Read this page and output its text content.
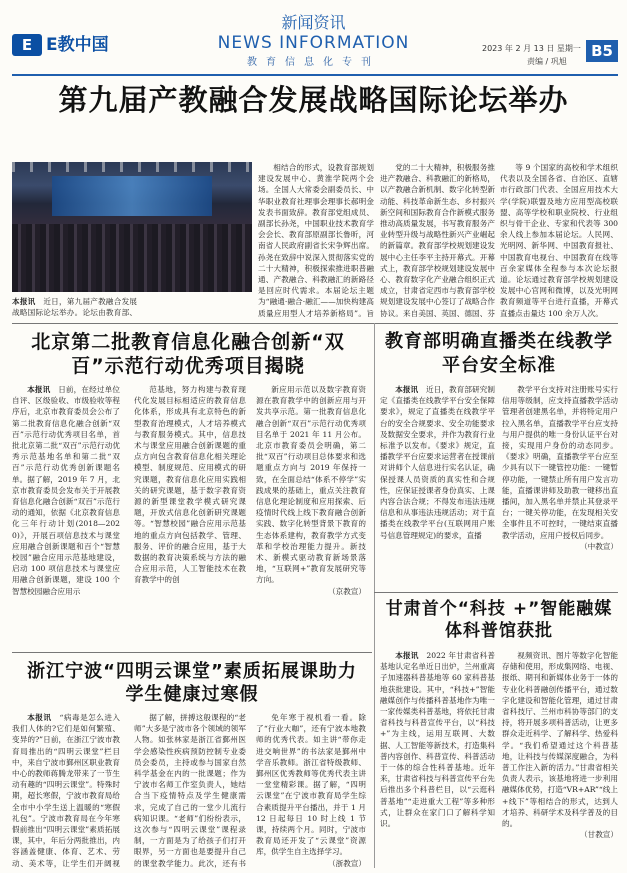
E E教中国
新闻资讯
NEWS INFORMATION
教育信息化专刊
2023 年 2 月 13 日 星期一
责编 / 巩旭
B5
第九届产教融合发展战略国际论坛举办
本报讯　 近日，第九届产教融合发展战略国际论坛举办。论坛由教育部、
相结合的形式，设教育部规划建设发展中心、黄淮学院两个会场。全国人大常委会副委员长、中华职业教育社理事会理事长郝明金发表书面致辞。教育部党组成员、副部长孙尧，中国职业技术教育学会会长、教育部原副部长鲁昕，河南省人民政府副省长宋争辉出席。孙尧在致辞中说深入贯彻落实党的二十大精神，积极探索推进职普融通、产教融合、科教融汇的新路径是回应时代需求。本届论坛主题为“融通·融合·融汇——加快构建高质量应用型人才培养新格局”。旨
党的二十大精神，积极服务推进产教融合、科教融汇的新格局，以产教融合新机制、数字化转型新动能、科技革命新生态、乡村振兴新空间和国际教育合作新模式服务推动高质量发展，书写教育服务产业转型升级与战略性新兴产业崛起的新篇章。教育部学校规划建设发展中心主任李平主持开幕式。开幕式上，教育部学校规划建设发展中心、教育数字化产业融合组织正式成立，甘肃省定西市与教育部学校规划建设发展中心签订了战略合作协议。来自美国、英国、德国、芬
等 9 个国家的高校和学术组织代表以及全国各省、自治区、直辖市行政部门代表、全国应用技术大学(学院)联盟及地方应用型高校联盟、高等学校和职业院校、行业组织与骨干企业、专家和代表等 300 余人线上参加本届论坛。人民网、光明网、新华网、中国教育报社、中国教育电视台、中国教育在线等百余家媒体全程参与本次论坛报道。论坛通过教育部学校规划建设发展中心官网和微博，以及光明网教育频道等平台进行直播，开幕式直播点击量达 100 余万人次。
北京第二批教育信息化融合创新“双百”示范行动优秀项目揭晓
本报讯　 日前，在经过单位自评、区级验收、市级验收等程序后，北京市教育委员会公布了第二批教育信息化融合创新“双百”示范行动优秀项目名单，首批北京第二批“双百”示范行动优秀示范基地名单和第二批“双百”示范行动优秀创新课题名单。据了解，2019 年 7 月，北京市教育委员会发布关于开展教育信息化融合创新“双百”示范行动的通知，依据《北京教育信息化三年行动计划(2018—2020)》，开展百项信息技术与课堂应用融合创新课题和百个“智慧校园”融合应用示范基地建设，启动 100 项信息技术与课堂应用融合创新课题，建设 100 个智慧校园融合应用示
范基地，努力构建与教育现代化发展目标相适应的教育信息化体系，形成具有北京特色的新型教育治理模式，人才培养模式与教育服务模式。其中，信息技术与课堂应用融合创新课题的重点方向包含教育信息化相关理论模型、制度规范、应用模式的研究课题，教育信息化应用实践相关的研究课题，基于数字教育资源的新型课堂教学模式研究课题，开放式信息化创新研究课题等。“智慧校园”融合应用示范基地的重点方向包括教学、管理、服务、评价的融合应用，基于大数据的教育决策系统与方法的融合应用示范，人工智能技术在教育教学中的创
新应用示范以及数字教育资源在教育教学中的创新应用与开发共享示范。第一批教育信息化融合创新“双百”示范行动优秀项目名单于 2021 年 11 月公布。北京市教育委员会明确，第二批“双百”行动项目总体要求和选题重点方向与 2019 年保持一致，在全面总结“体系不停学”实践成果的基础上，重点关注教育信息化理论制度和应用探索、后疫情时代线上线下教育融合创新实践、数字化转型背景下教育的生态体系建构，教育教学方式变革和学校治理能力提升。新技术、新模式驱动教育新场景落地，“互联网+”教育发展研究等方向。
（京教宣）
教育部明确直播类在线教学平台安全标准
本报讯　 近日，教育部研究制定《直播类在线教学平台安全保障要求》，规定了直播类在线教学平台的安全合规要求、安全功能要求及数据安全要求，并作为教育行业标准予以发布。《要求》规定，直播教学平台应要求运营者在授课前对讲师个人信息进行实名认证，确保授课人员资质的真实性和合规性，应保证授课者身份真实、上课内容合法合规；不得发布违法违规信息和从事违法违规活动；对于直播类在线教学平台(互联网用户账号信息管理规定)的要求，直播
教学平台支持对注册账号实行信用等级制，应支持直播教学活动管理者创建黑名单，并将特定用户拉入黑名单，直播教学平台应支持与用户提供的唯一身份认证平台对接，实现用户身份的动态同步。《要求》明确，直播教学平台应至少具有以下一键管控功能：一键暂停功能，一键禁止所有用户发言功能，直播课讲师及助教一键移出直播间，加入黑名单并禁止其登录平台；一键关停功能，在发现相关安全事件且不可控时，一键结束直播教学活动，应用户授权后同步。
（中教宣）
浙江宁波“四明云课堂”素质拓展课助力学生健康过寒假
本报讯　 “病毒是怎么进入我们人体的?它们是如何繁殖、变异的?”日前，在浙江宁波市教育局推出的“四明云课堂”栏目中，来自宁波市鄞州区职业教育中心的教师蒋腾龙带来了一节生动有趣的“四明云课堂”。特殊时期，超长寒假，宁波市教育局给全市中小学生送上温暖的“寒假礼包”。宁波市教育局在今年寒假前推出“四明云课堂”素质拓展课，其中，年后分两批推出，内容涵盖健康、体育、艺术、劳动、美术等，让学生们开阔视
据了解，拼搏这般课程的“老师”大多是宁波市各个领域的领军人物。如张林家是浙江省鄞州医学会感染性疾病预防控制专业委员会委员，主持或参与国家自然科学基金在内的一批课题；作为宁波市名师工作室负责人，她结合当下疫情特点及学生健康需求，完成了自己的一堂少儿流行病知识课。“老师”们纷纷表示，这次参与“四明云课堂”课程录制，一方面是为了给孩子们打开眼界，另一方面也是要提升自己的课堂教学能力。此次，还有书
免年寒于视机看一看。除了“行业大咖”，还有宁波本地教师的优秀代表。如主讲“带你走进交响世界”的书法家是鄞州中学音乐教师。浙江省特级教师、鄞州区优秀教师等优秀代表主讲一堂堂精彩课。据了解，“四明云课堂”在宁波市教育局学生综合素质提升平台播出，并于 1 月 12 日起每日 10 时上线 1 节课，持续两个月。同时，宁波市教育局还开发了“云课堂”资源库，供学生自主选择学习。
（浙教宣）
甘肃首个“科技 +”智能融媒体科普馆获批
本报讯　 2022 年甘肃省科普基地认定名单近日出炉，兰州重离子加速器科普基地等 60 家科普基地获批建设。其中，“科技+”智能融媒创作与传播科普基地作为唯一一家传媒类科普基地，将依托甘肃省科技与科普宣传平台，以“科技 +”为主线，运用互联网、大数据、人工智能等新技术，打造集科普内容创作、科普宣传、科普活动于一体的综合性科普基地。近年来，甘肃省科技与科普宣传平台先后推出多个科普栏目，以“云逛科普基地”“走进重大工程”等多种形式，让群众在家门口了解科学知识。
视频资讯、图片等数字化智能存储和使用，形成集网络、电视、报纸、期刊和新媒体业务于一体的专业化科普融创传播平台，通过数字化建设和智能化管理，通过甘肃省科技厅、兰州市科协等部门的支持，将开展多项科普活动，让更多群众走近科学、了解科学、热爱科学。“我们希望通过这个科普基地，让科技与传媒深度融合，为科普工作注入新的活力。”甘肃省相关负责人表示，该基地将进一步利用融媒体优势，打造“VR+AR”“线上+线下”等相结合的形式，达到人才培养、科研学术及科学普及的目的。
（甘教宣）
